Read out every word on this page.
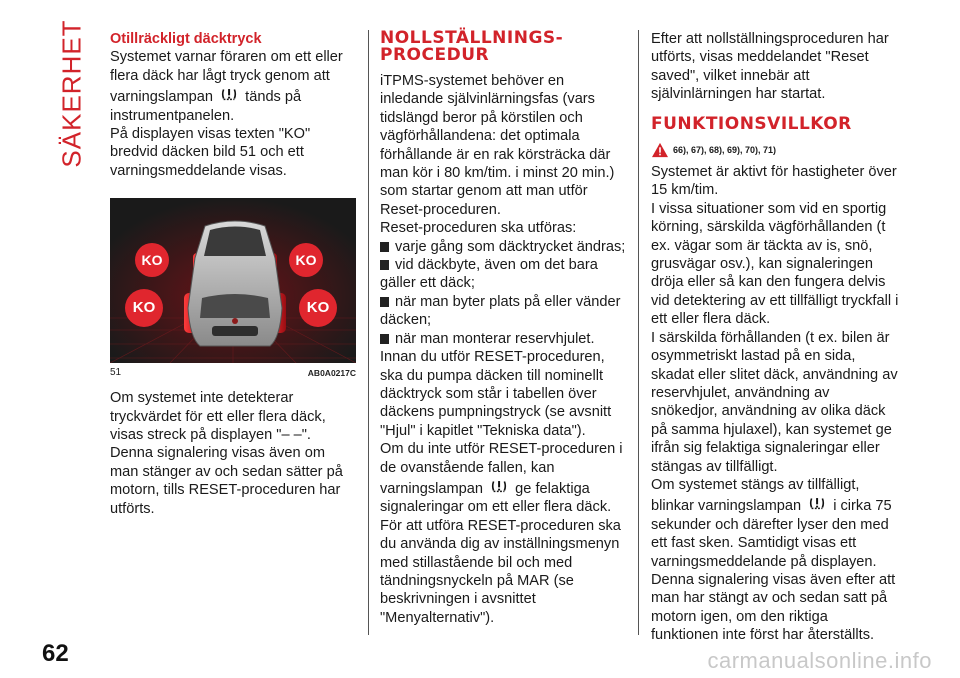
SÄKERHET Otillräckligt däcktryck

Systemet varnar föraren om ett eller flera däck har lågt tryck genom att varningslampan tänds på instrumentpanelen.

På displayen visas texten "KO" bredvid däcken bild 51 och ett varningsmeddelande visas.

KO	KO
KO	KO
51	AB0A0217C

Om systemet inte detekterar tryckvärdet för ett eller flera däck, visas streck på displayen "– –".

Denna signalering visas även om man stänger av och sedan sätter på motorn, tills RESET-proceduren har utförts.

NOLLSTÄLLNINGS-
PROCEDUR

iTPMS-systemet behöver en inledande självinlärningsfas (vars tidslängd beror på körstilen och vägförhållandena: det optimala förhållande är en rak körsträcka där man kör i 80 km/tim. i minst 20 min.) som startar genom att man utför Reset-proceduren.

Reset-proceduren ska utföras:

varje gång som däcktrycket ändras;

vid däckbyte, även om det bara gäller ett däck;

när man byter plats på eller vänder däcken;

när man monterar reservhjulet.

Innan du utför RESET-proceduren, ska du pumpa däcken till nominellt däcktryck som står i tabellen över däckens pumpningstryck (se avsnitt "Hjul" i kapitlet "Tekniska data").

Om du inte utför RESET-proceduren i de ovanstående fallen, kan varningslampan ge felaktiga signaleringar om ett eller flera däck.

För att utföra RESET-proceduren ska du använda dig av inställningsmenyn med stillastående bil och med tändningsnyckeln på MAR (se beskrivningen i avsnittet "Menyalternativ").

Efter att nollställningsproceduren har utförts, visas meddelandet "Reset saved", vilket innebär att självinlärningen har startat.

FUNKTIONSVILLKOR
66), 67), 68), 69), 70), 71)

Systemet är aktivt för hastigheter över 15 km/tim.

I vissa situationer som vid en sportig körning, särskilda vägförhållanden (t ex. vägar som är täckta av is, snö, grusvägar osv.), kan signaleringen dröja eller så kan den fungera delvis vid detektering av ett tillfälligt tryckfall i ett eller flera däck.

I särskilda förhållanden (t ex. bilen är osymmetriskt lastad på en sida, skadat eller slitet däck, användning av reservhjulet, användning av snökedjor, användning av olika däck på samma hjulaxel), kan systemet ge ifrån sig felaktiga signaleringar eller stängas av tillfälligt.

Om systemet stängs av tillfälligt, blinkar varningslampan i cirka 75 sekunder och därefter lyser den med ett fast sken. Samtidigt visas ett varningsmeddelande på displayen.

Denna signalering visas även efter att man har stängt av och sedan satt på motorn igen, om den riktiga funktionen inte först har återställts.

62	carmanualsonline.info
